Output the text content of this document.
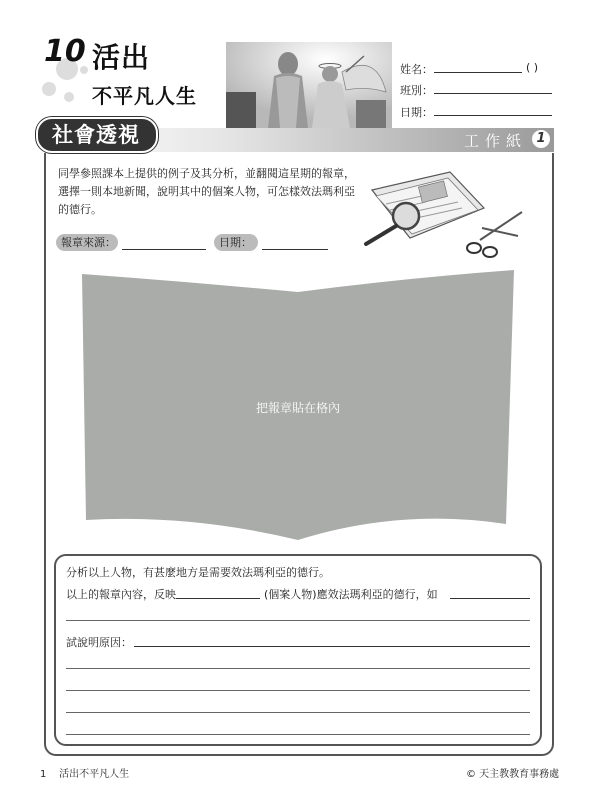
10 活出
不平凡人生
姓名：	( )
班別：
日期：
社會透視	工作紙 1
同學參照課本上提供的例子及其分析，並翻閱這星期的報章，選擇一則本地新聞，說明其中的個案人物，可怎樣效法瑪利亞的德行。
報章來源：	日期：
把報章貼在格內
分析以上人物，有甚麼地方是需要效法瑪利亞的德行。
以上的報章內容，反映	(個案人物)應效法瑪利亞的德行，如
試說明原因：
1 活出不平凡人生	© 天主教教育事務處
